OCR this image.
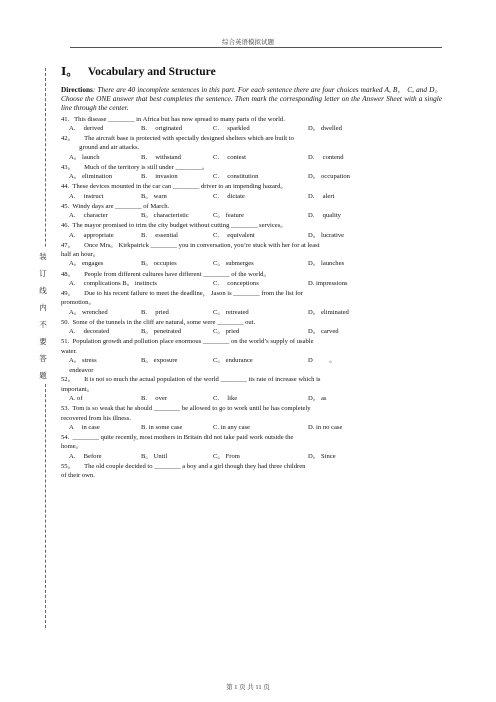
综合英语模拟试题
装
订
线
内
不
要
答
题
Ⅰ。 Vocabulary and Structure
Directions: There are 40 incomplete sentences in this part. For each sentence there are four choices marked A, B， C, and D。 Choose the ONE answer that best completes the sentence. Then mark the corresponding letter on the Answer Sheet with a single line through the center.
41.   This disease ________ in Africa but has now spread to many parts of the world.
A.     derived	B.     originated	C.     sparkled	D。 dwelled
42。      The aircraft base is protected with specially designed shelters which are built to
ground and air attacks.
A。 launch	B.     withstand	C.     contest	D.     contend
43。      Much of the territory is still under ________。
A。 elimination	B.     invasion	C.     constitution	D。 occupation
44.  These devices mounted in the car can ________ driver to an impending hazard。
A.     instruct	B。 warn	C.     dictate	D.     alert
45.  Windy days are ________ of March.
A.     character	B。 characteristic	C。 feature	D.     quality
46.  The mayor promised to trim the city budget without cutting ________ services。
A.     appropriate	B.     essential	C.     equivalent	D。 lucrative
47。      Once Mrs。 Kirkpatrick ________ you in conversation, you’re stuck with her for at least
half an hour。
A。 engages	B。 occupies	C。 submerges	D。 launches
48。      People from different cultures have different ________ of the world。
A.     complications B。 instincts	C.     conceptions	D. impressions
49。      Due to his recent failure to meet the deadline， Jason is ________ from the list for
promotion。
A。 wrenched	B.     pried	C。 retreated	D。 eliminated
50.  Some of the tunnels in the cliff are natural, some were ________ out.
A.     decorated	B。 penetrated	C。 pried	D。 carved
51.  Population growth and pollution place enormous ________ on the world’s supply of usable
water.
A。 stress	B。 exposure	C。 endurance	D          。
endeavor
52。      It is not so much the actual population of the world ________ its rate of increase which is
important。
A. of	B.     over	C.     like	D。 as
53.  Tom is so weak that he should ________ be allowed to go to work until he has completely
recovered from his illness.
A     in case	B. in some case	C. in any case	D. in no case
54.  ________ quite recently, most mothers in Britain did not take paid work outside the
home。
A.     Before	B。 Until	C。 From	D。 Since
55。      The old couple decided to ________ a boy and a girl though they had three children
of their own.
第 1 页 共 11 页
